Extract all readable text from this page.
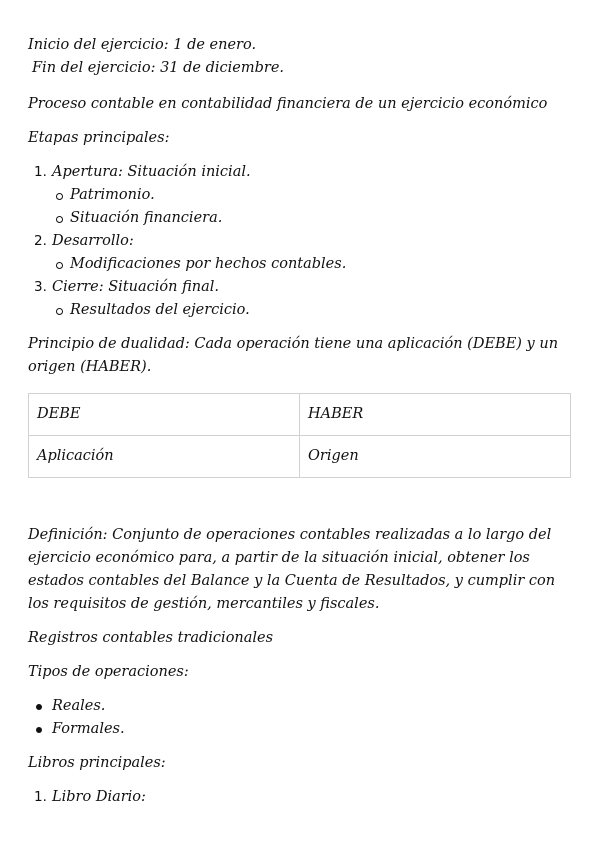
Inicio del ejercicio: 1 de enero.

Fin del ejercicio: 31 de diciembre.

Proceso contable en contabilidad financiera de un ejercicio económico

Etapas principales:

1. Apertura: Situación inicial.
Patrimonio.
Situación financiera.
2. Desarrollo:
Modificaciones por hechos contables.
3. Cierre: Situación final.
Resultados del ejercicio.

Principio de dualidad: Cada operación tiene una aplicación (DEBE) y un origen (HABER).

DEBE	HABER
Aplicación	Origen

Definición: Conjunto de operaciones contables realizadas a lo largo del ejercicio económico para, a partir de la situación inicial, obtener los estados contables del Balance y la Cuenta de Resultados, y cumplir con los requisitos de gestión, mercantiles y fiscales.

Registros contables tradicionales

Tipos de operaciones:

Reales.
Formales.

Libros principales:

1. Libro Diario:
